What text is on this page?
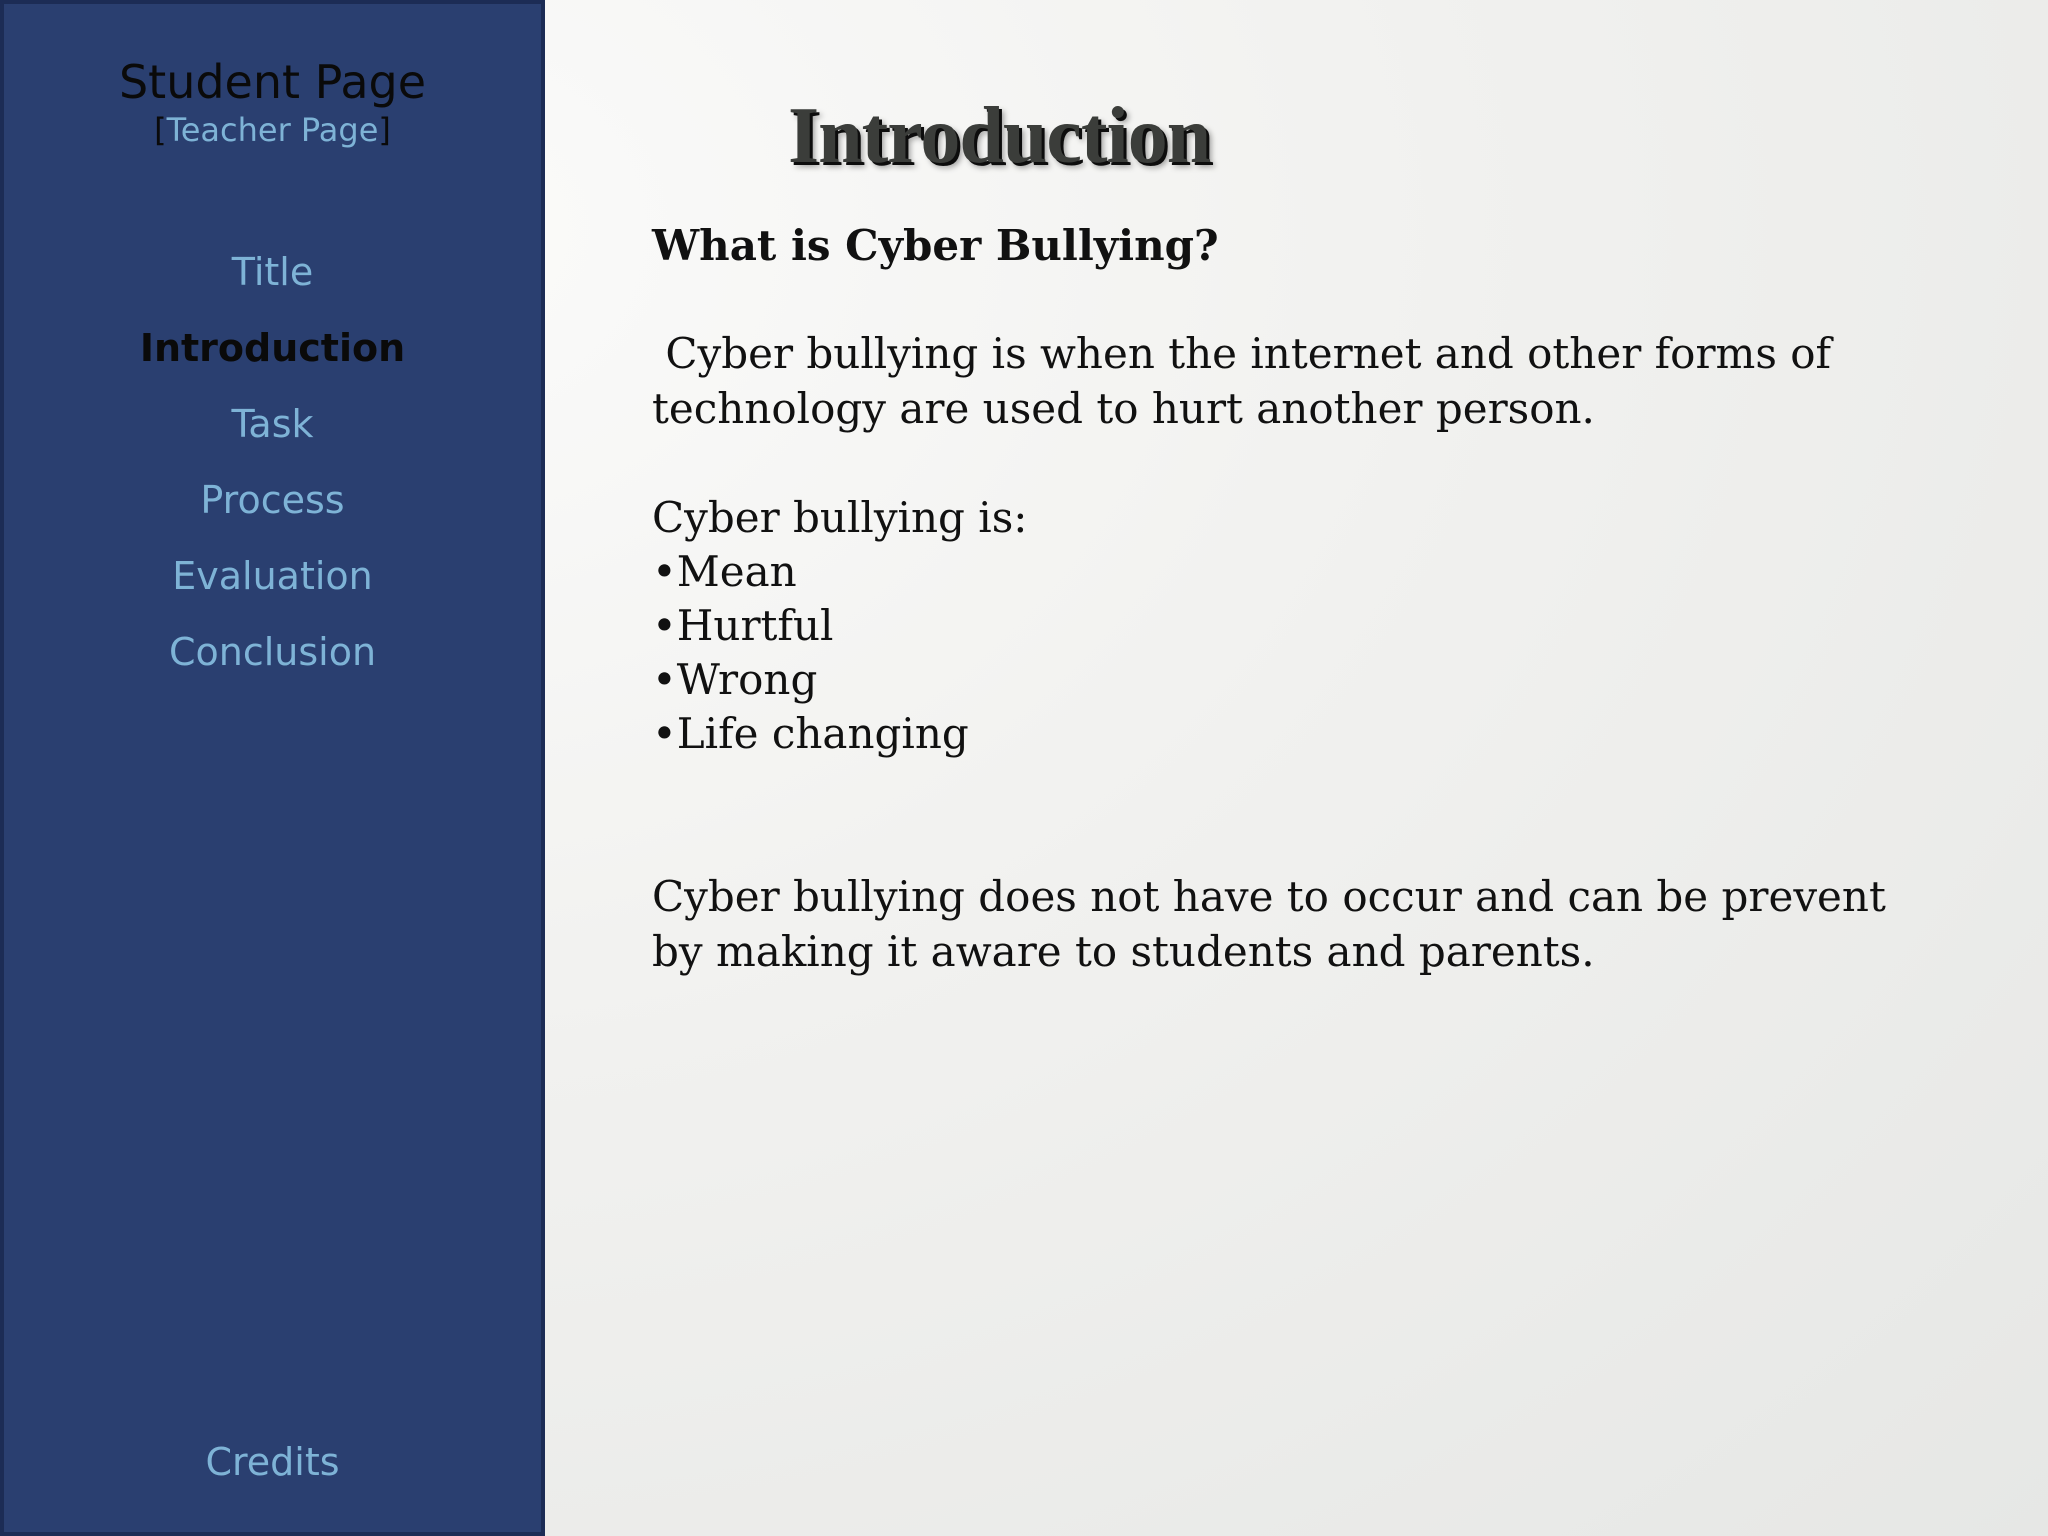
Student Page
[Teacher Page]
Title
Introduction
Task
Process
Evaluation
Conclusion
Credits
Introduction

What is Cyber Bullying?

Cyber bullying is when the internet and other forms of technology are used to hurt another person.

Cyber bullying is:

•Mean
•Hurtful
•Wrong
•Life changing

Cyber bullying does not have to occur and can be prevent by making it aware to students and parents.
